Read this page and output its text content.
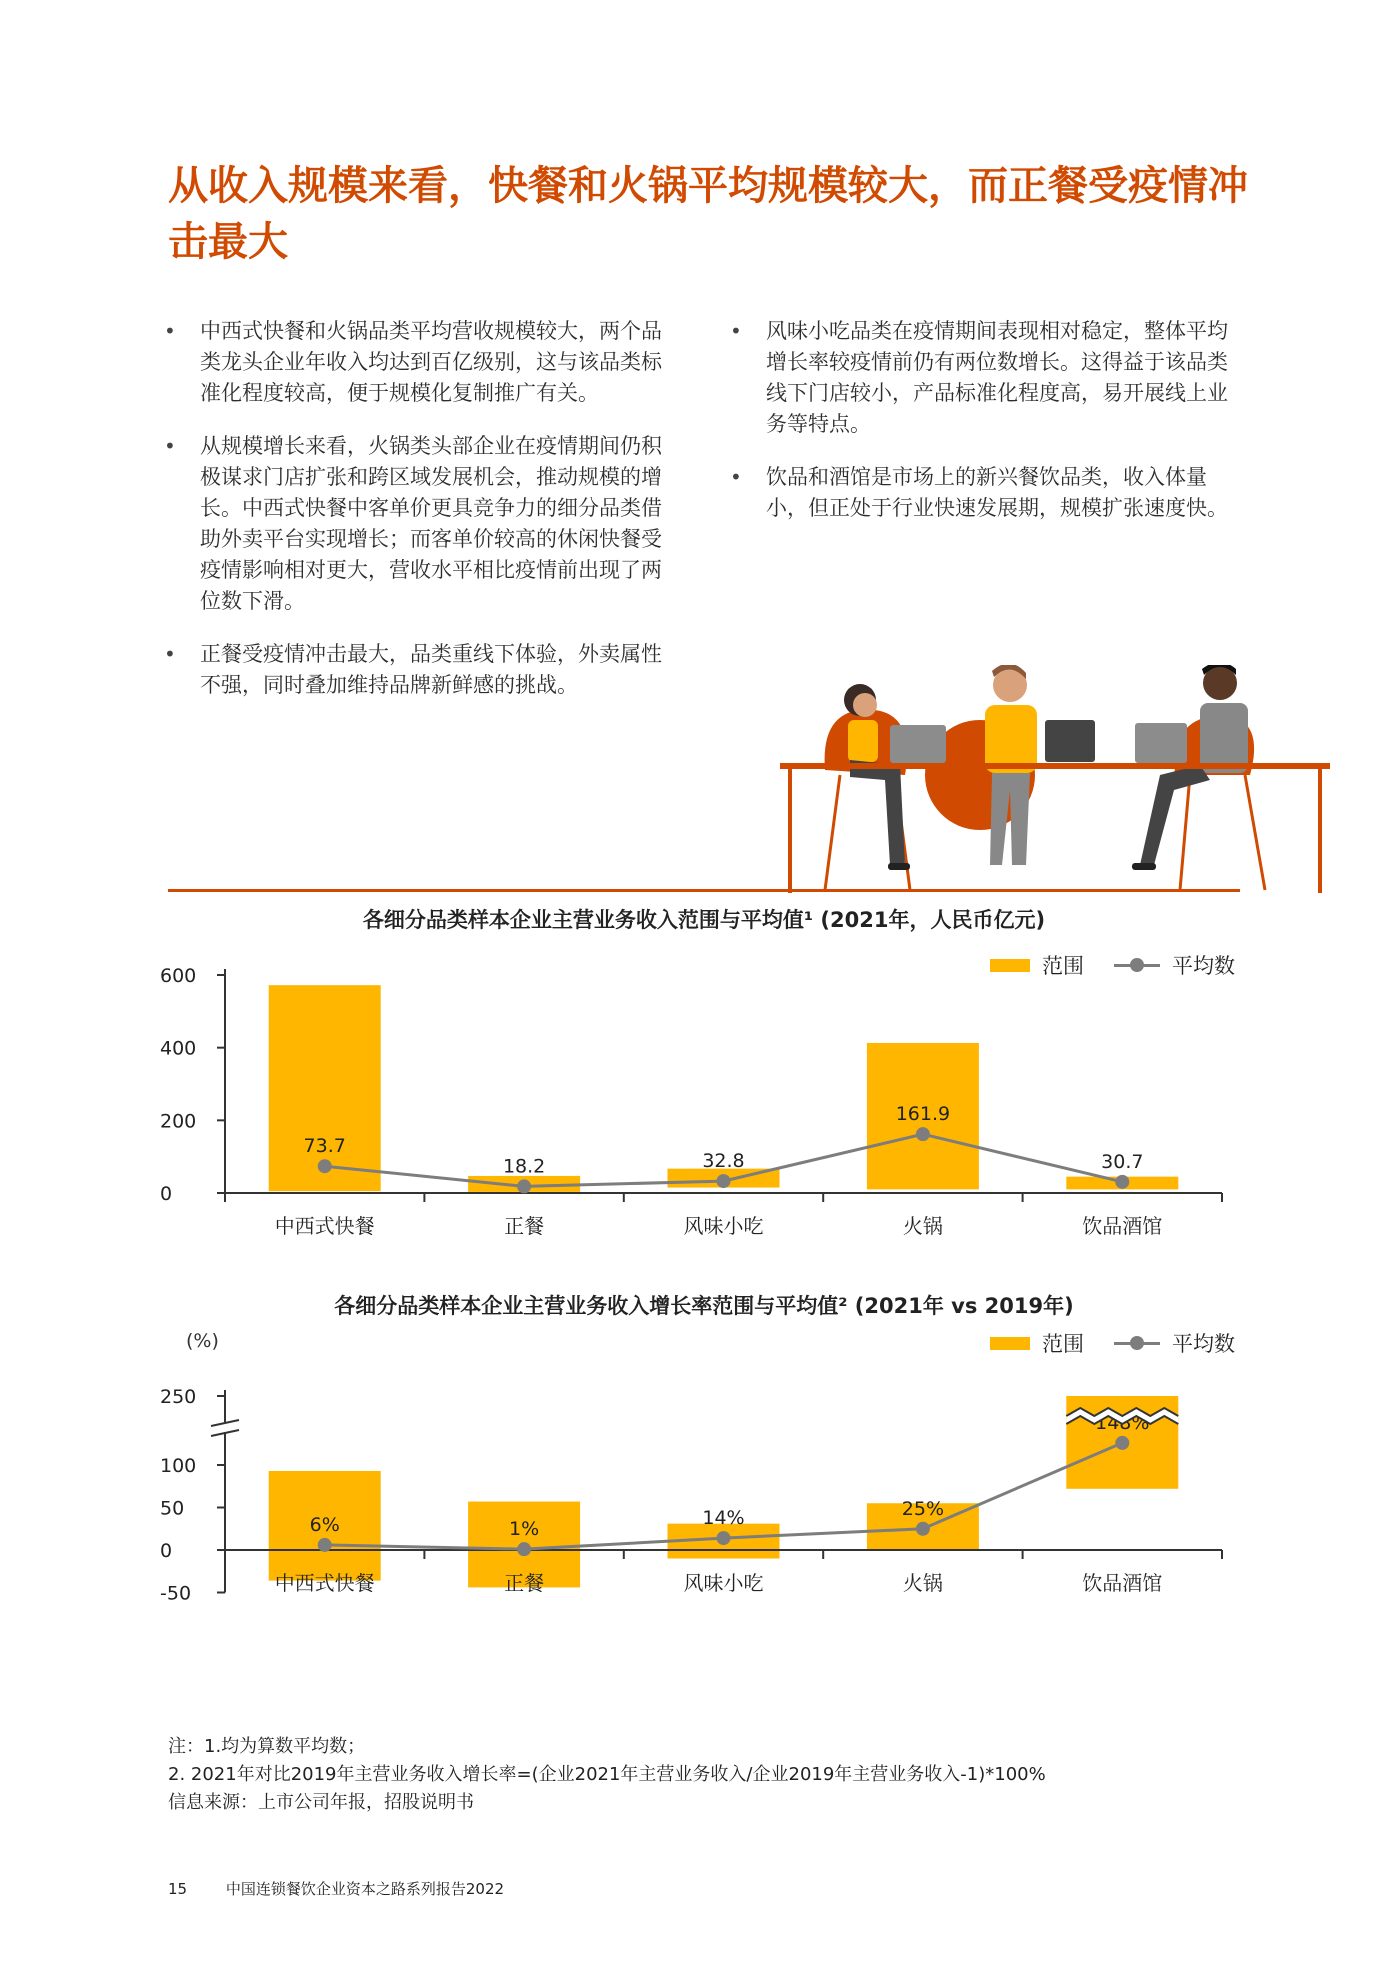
从收入规模来看，快餐和火锅平均规模较大，而正餐受疫情冲击最大
• 中西式快餐和火锅品类平均营收规模较大，两个品类龙头企业年收入均达到百亿级别，这与该品类标准化程度较高，便于规模化复制推广有关。
• 从规模增长来看，火锅类头部企业在疫情期间仍积极谋求门店扩张和跨区域发展机会，推动规模的增长。中西式快餐中客单价更具竞争力的细分品类借助外卖平台实现增长；而客单价较高的休闲快餐受疫情影响相对更大，营收水平相比疫情前出现了两位数下滑。
• 正餐受疫情冲击最大，品类重线下体验，外卖属性不强，同时叠加维持品牌新鲜感的挑战。
• 风味小吃品类在疫情期间表现相对稳定，整体平均增长率较疫情前仍有两位数增长。这得益于该品类线下门店较小，产品标准化程度高，易开展线上业务等特点。
• 饮品和酒馆是市场上的新兴餐饮品类，收入体量小，但正处于行业快速发展期，规模扩张速度快。
各细分品类样本企业主营业务收入范围与平均值¹ (2021年，人民币亿元)
范围	平均数
600
400
200
0
73.7
18.2	32.8
161.9
30.7
中西式快餐	正餐	风味小吃	火锅	饮品酒馆
各细分品类样本企业主营业务收入增长率范围与平均值² (2021年 vs 2019年)
(%)	范围	平均数
250
100
50
0
-50
6%	1%
14%	25%
中西式快餐	正餐	风味小吃	火锅	饮品酒馆
注：1.均为算数平均数；
2. 2021年对比2019年主营业务收入增长率=(企业2021年主营业务收入/企业2019年主营业务收入-1)*100%
信息来源：上市公司年报，招股说明书
15	中国连锁餐饮企业资本之路系列报告2022
